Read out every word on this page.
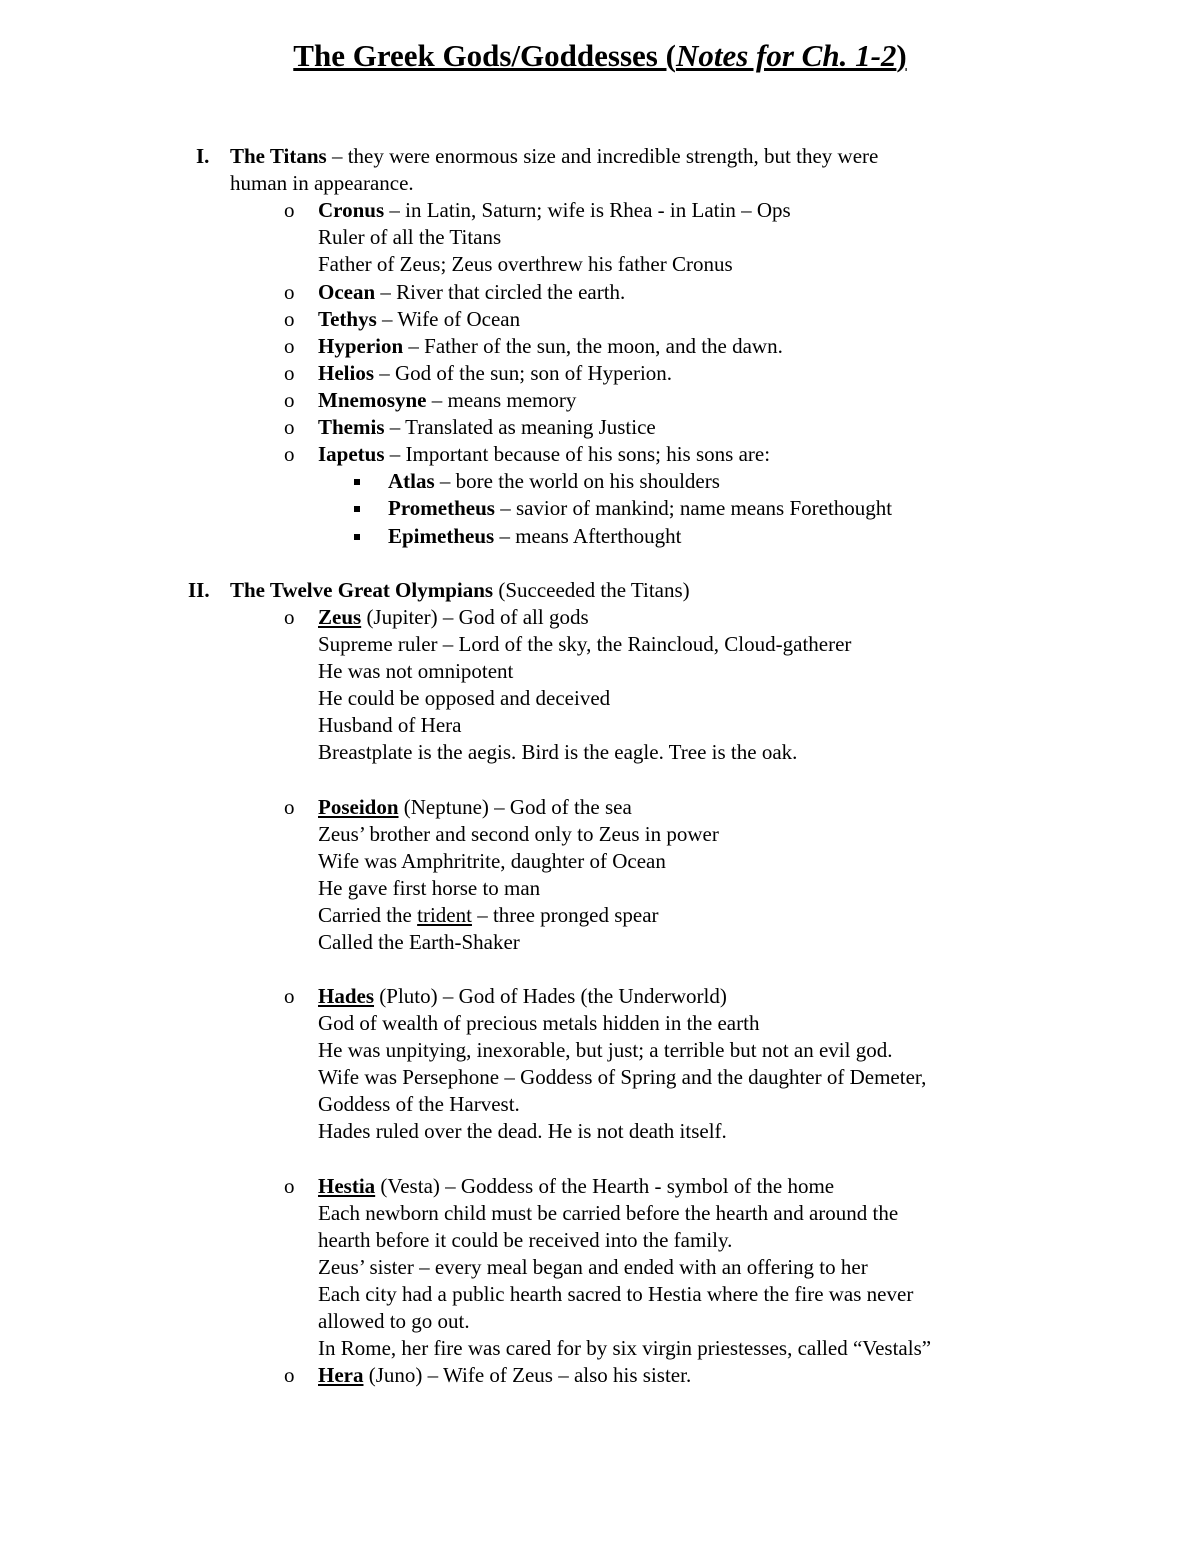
The Greek Gods/Goddesses (Notes for Ch. 1-2)
I. The Titans – they were enormous size and incredible strength, but they were
human in appearance.
o Cronus – in Latin, Saturn; wife is Rhea - in Latin – Ops
Ruler of all the Titans
Father of Zeus; Zeus overthrew his father Cronus
o Ocean – River that circled the earth.
o Tethys – Wife of Ocean
o Hyperion – Father of the sun, the moon, and the dawn.
o Helios – God of the sun; son of Hyperion.
o Mnemosyne – means memory
o Themis – Translated as meaning Justice
o Iapetus – Important because of his sons; his sons are:
Atlas – bore the world on his shoulders
Prometheus – savior of mankind; name means Forethought
Epimetheus – means Afterthought
II. The Twelve Great Olympians (Succeeded the Titans)
o Zeus (Jupiter) – God of all gods
Supreme ruler – Lord of the sky, the Raincloud, Cloud-gatherer
He was not omnipotent
He could be opposed and deceived
Husband of Hera
Breastplate is the aegis. Bird is the eagle. Tree is the oak.
o Poseidon (Neptune) – God of the sea
Zeus’ brother and second only to Zeus in power
Wife was Amphritrite, daughter of Ocean
He gave first horse to man
Carried the trident – three pronged spear
Called the Earth-Shaker
o Hades (Pluto) – God of Hades (the Underworld)
God of wealth of precious metals hidden in the earth
He was unpitying, inexorable, but just; a terrible but not an evil god.
Wife was Persephone – Goddess of Spring and the daughter of Demeter,
Goddess of the Harvest.
Hades ruled over the dead. He is not death itself.
o Hestia (Vesta) – Goddess of the Hearth - symbol of the home
Each newborn child must be carried before the hearth and around the
hearth before it could be received into the family.
Zeus’ sister – every meal began and ended with an offering to her
Each city had a public hearth sacred to Hestia where the fire was never
allowed to go out.
In Rome, her fire was cared for by six virgin priestesses, called “Vestals”
o Hera (Juno) – Wife of Zeus – also his sister.
